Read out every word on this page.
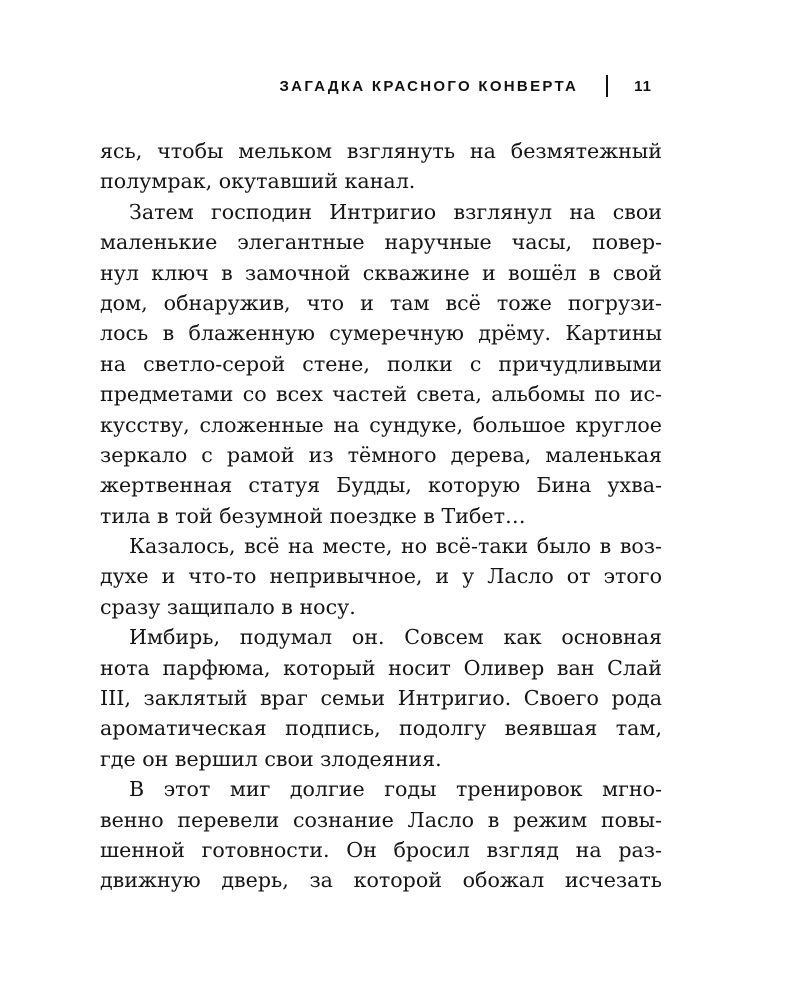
ЗАГАДКА КРАСНОГО КОНВЕРТА	11
ясь, чтобы мельком взглянуть на безмятежный
полумрак, окутавший канал.
Затем господин Интригио взглянул на свои
маленькие элегантные наручные часы, повер-
нул ключ в замочной скважине и вошёл в свой
дом, обнаружив, что и там всё тоже погрузи-
лось в блаженную сумеречную дрёму. Картины
на светло-серой стене, полки с причудливыми
предметами со всех частей света, альбомы по ис-
кусству, сложенные на сундуке, большое круглое
зеркало с рамой из тёмного дерева, маленькая
жертвенная статуя Будды, которую Бина ухва-
тила в той безумной поездке в Тибет…
Казалось, всё на месте, но всё-таки было в воз-
духе и что-то непривычное, и у Ласло от этого
сразу защипало в носу.
Имбирь, подумал он. Совсем как основная
нота парфюма, который носит Оливер ван Слай
III, заклятый враг семьи Интригио. Своего рода
ароматическая подпись, подолгу веявшая там,
где он вершил свои злодеяния.
В этот миг долгие годы тренировок мгно-
венно перевели сознание Ласло в режим повы-
шенной готовности. Он бросил взгляд на раз-
движную дверь, за которой обожал исчезать
